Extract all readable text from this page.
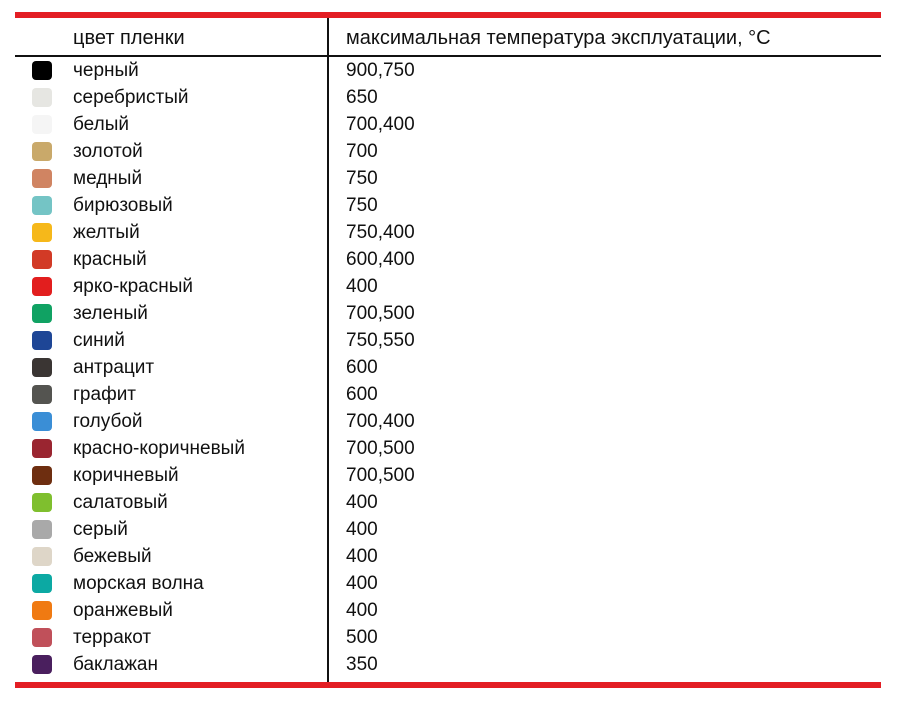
цвет пленки	максимальная температура эксплуатации, °С
черный	900,750
серебристый	650
белый	700,400
золотой	700
медный	750
бирюзовый	750
желтый	750,400
красный	600,400
ярко-красный	400
зеленый	700,500
синий	750,550
антрацит	600
графит	600
голубой	700,400
красно-коричневый	700,500
коричневый	700,500
салатовый	400
серый	400
бежевый	400
морская волна	400
оранжевый	400
терракот	500
баклажан	350
